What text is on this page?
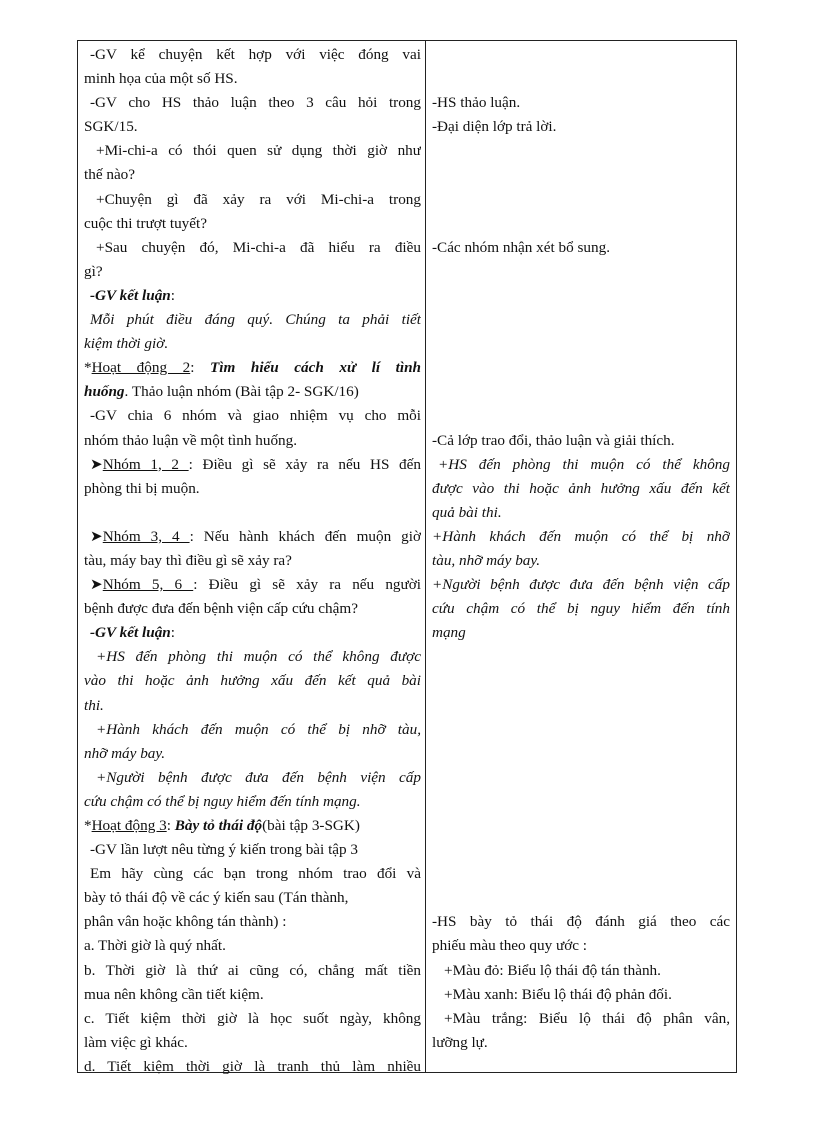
-GV kể chuyện kết hợp với việc đóng vai
minh họa của một số HS.
-GV cho HS thảo luận theo 3 câu hỏi trong
SGK/15.
+Mi-chi-a có thói quen sử dụng thời giờ như
thế nào?
+Chuyện gì đã xảy ra với Mi-chi-a trong
cuộc thi trượt tuyết?
+Sau chuyện đó, Mi-chi-a đã hiểu ra điều
gì?
-GV kết luận:
Mỗi phút điều đáng quý. Chúng ta phải tiết
kiệm thời giờ.
*Hoạt động 2: Tìm hiểu cách xử lí tình
huống. Thảo luận nhóm (Bài tập 2- SGK/16)
-GV chia 6 nhóm và giao nhiệm vụ cho mỗi
nhóm thảo luận về một tình huống.
➤Nhóm 1, 2 : Điều gì sẽ xảy ra nếu HS đến
phòng thi bị muộn.
➤Nhóm 3, 4 : Nếu hành khách đến muộn giờ
tàu, máy bay thì điều gì sẽ xảy ra?
➤Nhóm 5, 6 : Điều gì sẽ xảy ra nếu người
bệnh được đưa đến bệnh viện cấp cứu chậm?
-GV kết luận:
+HS đến phòng thi muộn có thể không được
vào thi hoặc ảnh hưởng xấu đến kết quả bài
thi.
+Hành khách đến muộn có thể bị nhỡ tàu,
nhỡ máy bay.
+Người bệnh được đưa đến bệnh viện cấp
cứu chậm có thể bị nguy hiểm đến tính mạng.
*Hoạt động 3: Bày tỏ thái độ(bài tập 3-SGK)
-GV lần lượt nêu từng ý kiến trong bài tập 3
Em hãy cùng các bạn trong nhóm trao đổi và
bày tỏ thái độ về các ý kiến sau (Tán thành,
phân vân hoặc không tán thành) :
a. Thời giờ là quý nhất.
b. Thời giờ là thứ ai cũng có, chẳng mất tiền
mua nên không cần tiết kiệm.
c. Tiết kiệm thời giờ là học suốt ngày, không
làm việc gì khác.
d. Tiết kiệm thời giờ là tranh thủ làm nhiều
-HS thảo luận.
-Đại diện lớp trả lời.
-Các nhóm nhận xét bổ sung.
-Cả lớp trao đổi, thảo luận và giải thích.
+HS đến phòng thi muộn có thể không
được vào thi hoặc ảnh hưởng xấu đến kết
quả bài thi.
+Hành khách đến muộn có thể bị nhỡ
tàu, nhỡ máy bay.
+Người bệnh được đưa đến bệnh viện cấp
cứu chậm có thể bị nguy hiểm đến tính
mạng
-HS bày tỏ thái độ đánh giá theo các
phiếu màu theo quy ước :
+Màu đỏ: Biểu lộ thái độ tán thành.
+Màu xanh: Biểu lộ thái độ phản đối.
+Màu trắng: Biểu lộ thái độ phân vân,
lưỡng lự.
